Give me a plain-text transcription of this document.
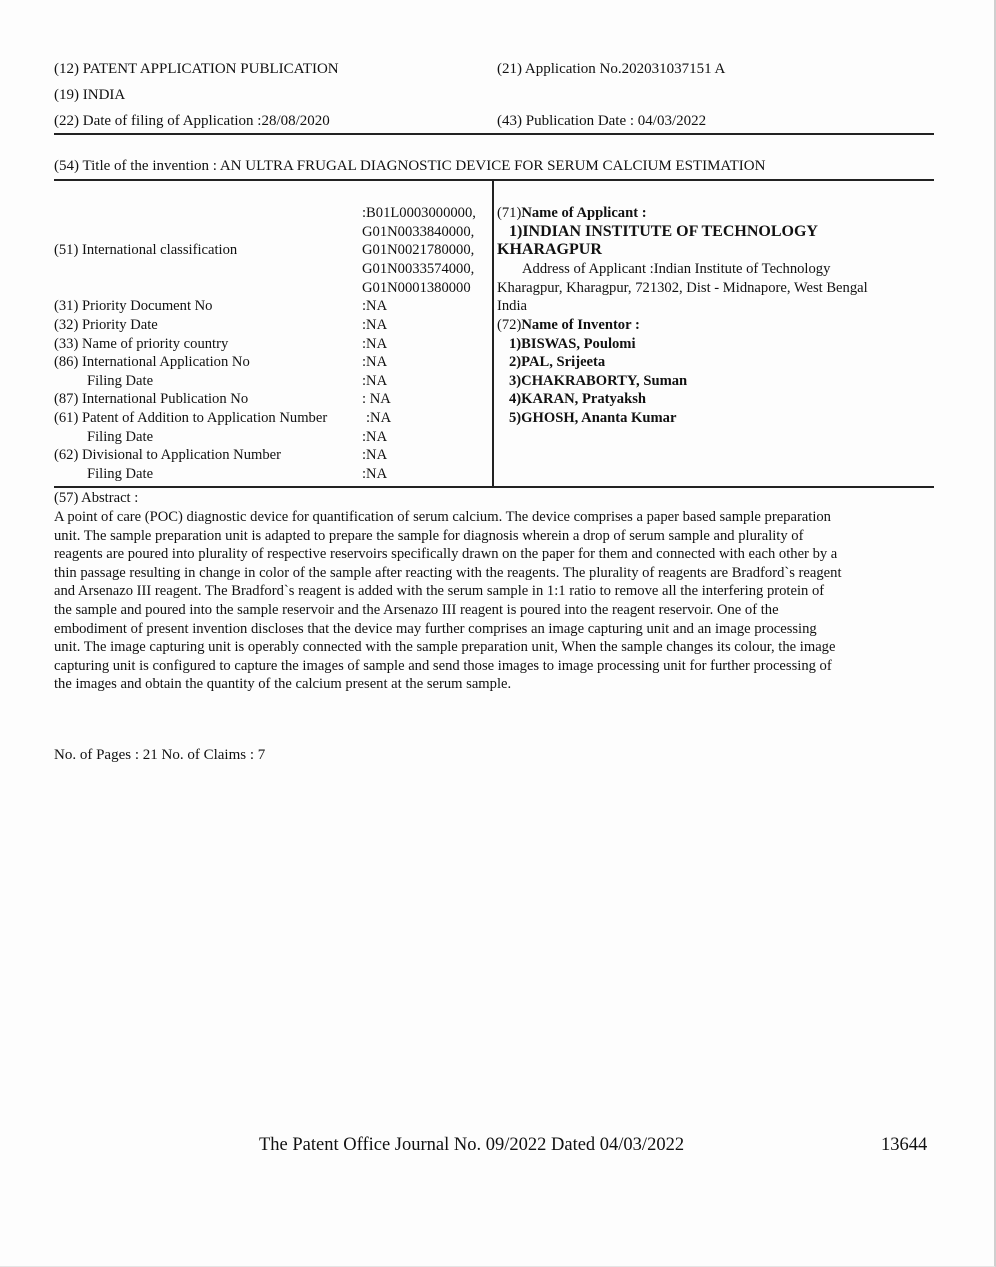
(12) PATENT APPLICATION PUBLICATION
(19) INDIA
(22) Date of filing of Application :28/08/2020
(21) Application No.202031037151 A
(43) Publication Date : 04/03/2022
(54) Title of the invention : AN ULTRA FRUGAL DIAGNOSTIC DEVICE FOR SERUM CALCIUM ESTIMATION
(51) International classification
:B01L0003000000,
G01N0033840000,
G01N0021780000,
G01N0033574000,
G01N0001380000
(31) Priority Document No	:NA
(32) Priority Date	:NA
(33) Name of priority country	:NA
(86) International Application No	:NA
Filing Date	:NA
(87) International Publication No	: NA
(61) Patent of Addition to Application Number	:NA
Filing Date	:NA
(62) Divisional to Application Number	:NA
Filing Date	:NA
(71)Name of Applicant :
1)INDIAN INSTITUTE OF TECHNOLOGY
KHARAGPUR
Address of Applicant :Indian Institute of Technology
Kharagpur, Kharagpur, 721302, Dist - Midnapore, West Bengal
India
(72)Name of Inventor :
1)BISWAS, Poulomi
2)PAL, Srijeeta
3)CHAKRABORTY, Suman
4)KARAN, Pratyaksh
5)GHOSH, Ananta Kumar
(57) Abstract :
A point of care (POC) diagnostic device for quantification of serum calcium. The device comprises a paper based sample preparation
unit. The sample preparation unit is adapted to prepare the sample for diagnosis wherein a drop of serum sample and plurality of
reagents are poured into plurality of respective reservoirs specifically drawn on the paper for them and connected with each other by a
thin passage resulting in change in color of the sample after reacting with the reagents. The plurality of reagents are Bradford`s reagent
and Arsenazo III reagent. The Bradford`s reagent is added with the serum sample in 1:1 ratio to remove all the interfering protein of
the sample and poured into the sample reservoir and the Arsenazo III reagent is poured into the reagent reservoir. One of the
embodiment of present invention discloses that the device may further comprises an image capturing unit and an image processing
unit. The image capturing unit is operably connected with the sample preparation unit, When the sample changes its colour, the image
capturing unit is configured to capture the images of sample and send those images to image processing unit for further processing of
the images and obtain the quantity of the calcium present at the serum sample.
No. of Pages : 21 No. of Claims : 7
The Patent Office Journal No. 09/2022 Dated 04/03/2022	13644
